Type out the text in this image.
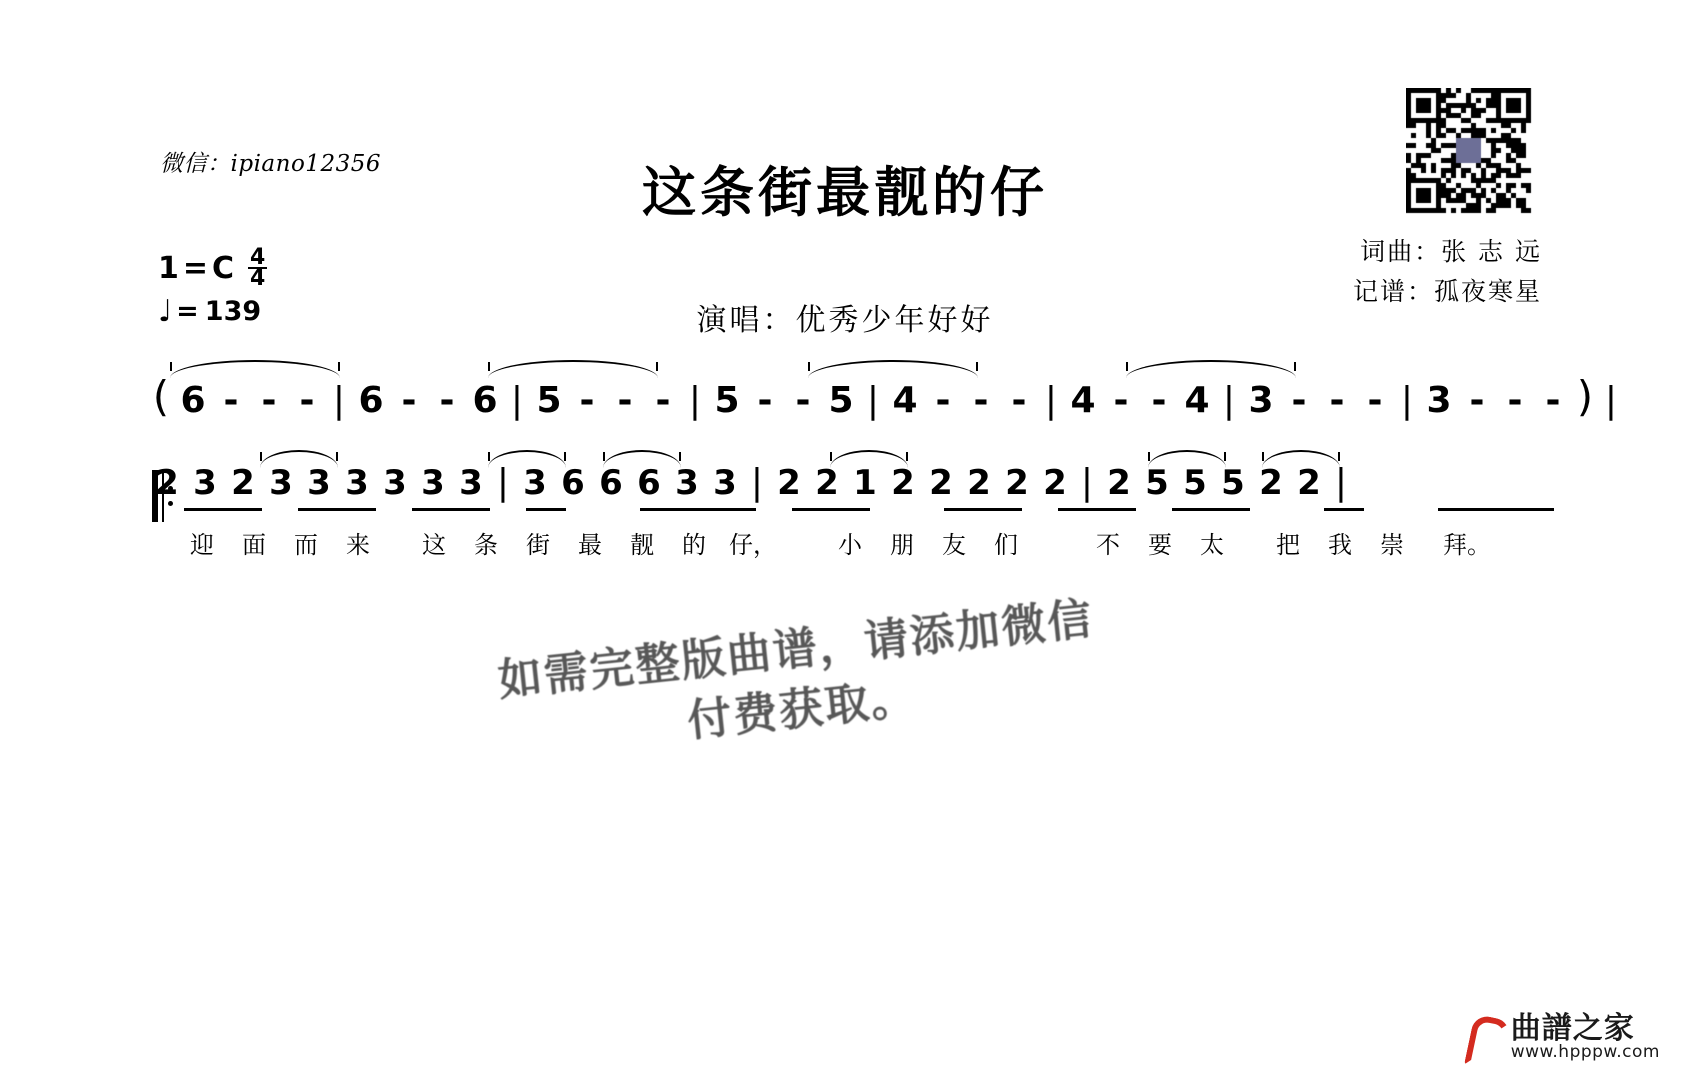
微信：ipiano12356	这条街最靓的仔
演唱：优秀少年好好
词曲：张 志 远
记谱：孤夜寒星
1 = C 4
4
♩ = 139
( 6 - - - | 6 - - 6 | 5 - - - | 5 - - 5 | 4 - - - | 4 - - 4 | 3 - - - | 3 - - - ) |
2 3 2 3 3 3 3 3 3 | 3 6 6 6 3 3 | 2 2 1 2 2 2 2 2 | 2 5 5 5 2 2 |
迎 面 而 来 这 条 街 最 靓 的 仔，	小 朋 友 们	不 要 太 把 我 崇 拜。
如需完整版曲谱，请添加微信付费获取。
曲譜之家
www.hpppw.com
